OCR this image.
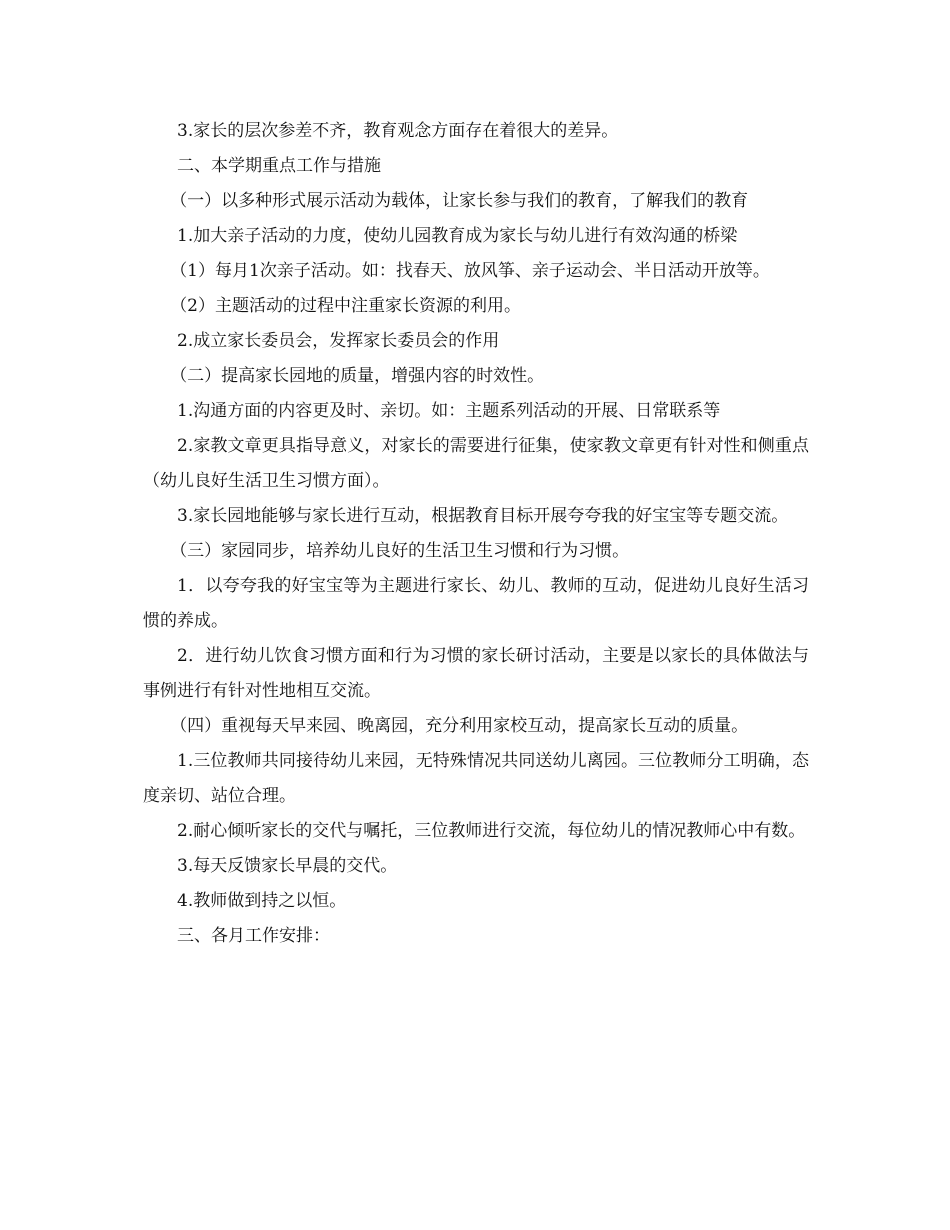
3.家长的层次参差不齐，教育观念方面存在着很大的差异。

二、本学期重点工作与措施

（一）以多种形式展示活动为载体，让家长参与我们的教育，了解我们的教育

1.加大亲子活动的力度，使幼儿园教育成为家长与幼儿进行有效沟通的桥梁

（1）每月1次亲子活动。如：找春天、放风筝、亲子运动会、半日活动开放等。

（2）主题活动的过程中注重家长资源的利用。

2.成立家长委员会，发挥家长委员会的作用

（二）提高家长园地的质量，增强内容的时效性。

1.沟通方面的内容更及时、亲切。如：主题系列活动的开展、日常联系等

2.家教文章更具指导意义，对家长的需要进行征集，使家教文章更有针对性和侧重点（幼儿良好生活卫生习惯方面）。

3.家长园地能够与家长进行互动，根据教育目标开展夸夸我的好宝宝等专题交流。

（三）家园同步，培养幼儿良好的生活卫生习惯和行为习惯。

1．以夸夸我的好宝宝等为主题进行家长、幼儿、教师的互动，促进幼儿良好生活习惯的养成。

2．进行幼儿饮食习惯方面和行为习惯的家长研讨活动，主要是以家长的具体做法与事例进行有针对性地相互交流。

（四）重视每天早来园、晚离园，充分利用家校互动，提高家长互动的质量。

1.三位教师共同接待幼儿来园，无特殊情况共同送幼儿离园。三位教师分工明确，态度亲切、站位合理。

2.耐心倾听家长的交代与嘱托，三位教师进行交流，每位幼儿的情况教师心中有数。

3.每天反馈家长早晨的交代。

4.教师做到持之以恒。

三、各月工作安排：
